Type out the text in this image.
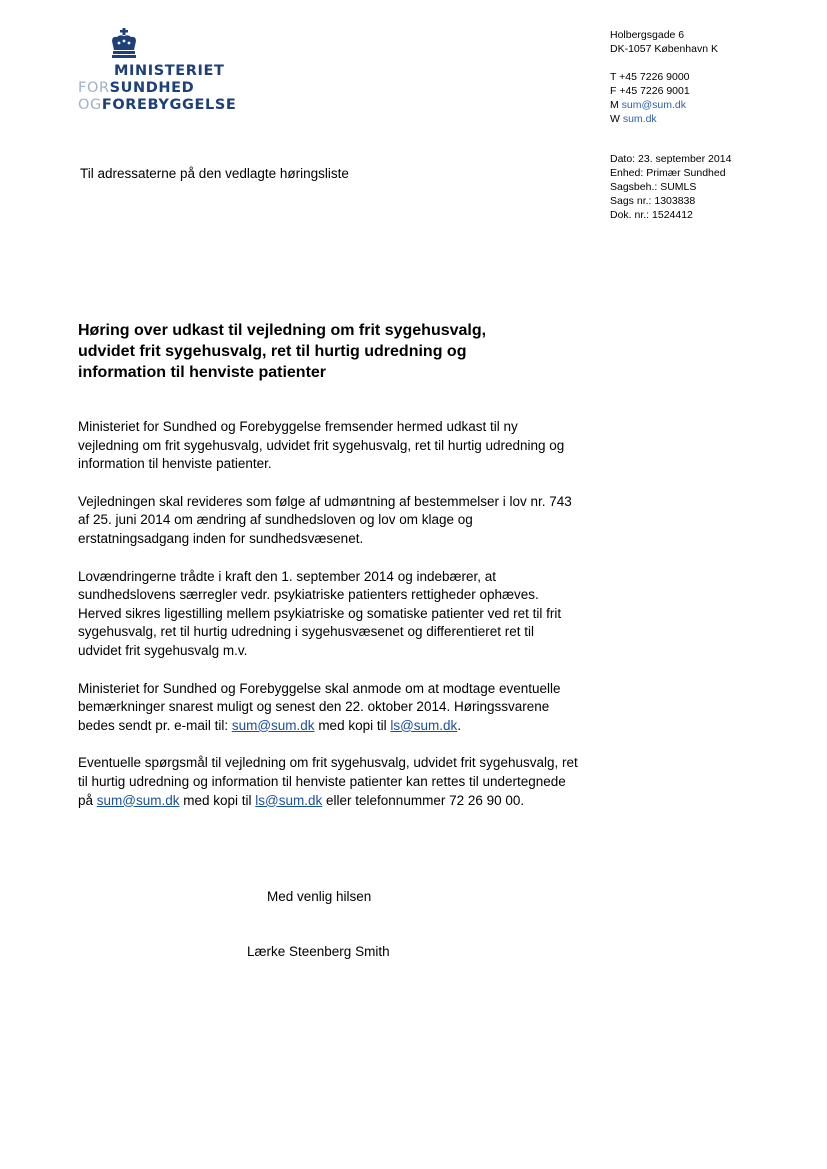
MINISTERIET
FORSUNDHED
OGFOREBYGGELSE
Holbergsgade 6
DK-1057 København K
T +45 7226 9000
F +45 7226 9001
M sum@sum.dk
W sum.dk
Dato: 23. september 2014
Enhed: Primær Sundhed
Sagsbeh.: SUMLS
Sags nr.: 1303838
Dok. nr.: 1524412
Til adressaterne på den vedlagte høringsliste
Høring over udkast til vejledning om frit sygehusvalg,
udvidet frit sygehusvalg, ret til hurtig udredning og
information til henviste patienter

Ministeriet for Sundhed og Forebyggelse fremsender hermed udkast til ny vejledning om frit sygehusvalg, udvidet frit sygehusvalg, ret til hurtig udredning og information til henviste patienter.

Vejledningen skal revideres som følge af udmøntning af bestemmelser i lov nr. 743 af 25. juni 2014 om ændring af sundhedsloven og lov om klage og erstatningsadgang inden for sundhedsvæsenet.

Lovændringerne trådte i kraft den 1. september 2014 og indebærer, at sundhedslovens særregler vedr. psykiatriske patienters rettigheder ophæves. Herved sikres ligestilling mellem psykiatriske og somatiske patienter ved ret til frit sygehusvalg, ret til hurtig udredning i sygehusvæsenet og differentieret ret til udvidet frit sygehusvalg m.v.

Ministeriet for Sundhed og Forebyggelse skal anmode om at modtage eventuelle bemærkninger snarest muligt og senest den 22. oktober 2014. Høringssvarene bedes sendt pr. e-mail til: sum@sum.dk med kopi til ls@sum.dk.

Eventuelle spørgsmål til vejledning om frit sygehusvalg, udvidet frit sygehusvalg, ret til hurtig udredning og information til henviste patienter kan rettes til undertegnede på sum@sum.dk med kopi til ls@sum.dk eller telefonnummer 72 26 90 00.

Med venlig hilsen
Lærke Steenberg Smith
